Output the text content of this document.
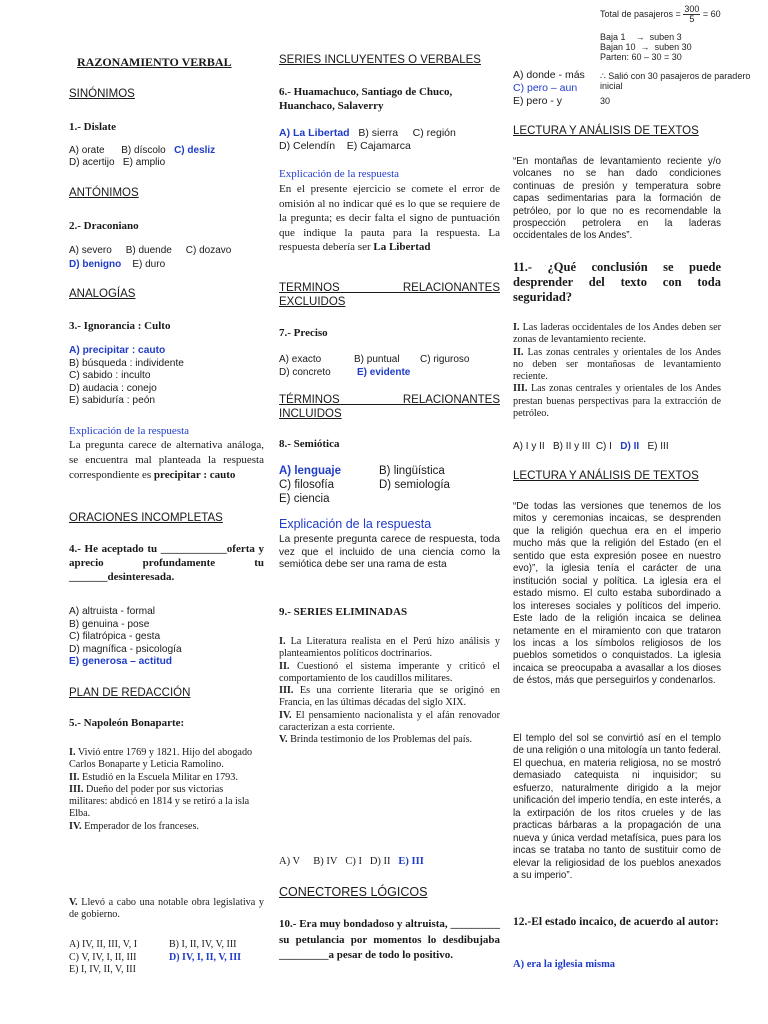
Total de pasajeros = $\frac{300}{5} = 60$
Baja 1 → suben 3
Bajan 10 → suben 30
Parten: 60 – 30 = 30
∴ Salió con 30 pasajeros de paradero
inicial
30
RAZONAMIENTO VERBAL
SINÓNIMOS
1.- Dislate
A) orate B) díscolo C) desliz
D) acertijo E) amplio
ANTÓNIMOS
2.- Draconiano
A) severo B) duende C) dozavo
D) benigno E) duro
ANALOGÍAS
3.- Ignorancia : Culto
A) precipitar : cauto
B) búsqueda : individente
C) sabido : inculto
D) audacia : conejo
E) sabiduría : peón
Explicación de la respuesta
La pregunta carece de alternativa análoga, se encuentra mal planteada la respuesta correspondiente es precipitar : cauto
ORACIONES INCOMPLETAS
4.- He aceptado tu ____________oferta y aprecio profundamente tu _______desinteresada.
A) altruista - formal
B) genuina - pose
C) filatrópica - gesta
D) magnífica - psicología
E) generosa – actitud
PLAN DE REDACCIÓN
5.- Napoleón Bonaparte:
I. Vivió entre 1769 y 1821. Hijo del abogado Carlos Bonaparte y Leticia Ramolino.
II. Estudió en la Escuela Militar en 1793.
III. Dueño del poder por sus victorias militares: abdicó en 1814 y se retiró a la isla Elba.
IV. Emperador de los franceses.
V. Llevó a cabo una notable obra legislativa y de gobierno.
A) IV, II, III, V, I	B) I, II, IV, V, III
C) V, IV, I, II, III	D) IV, I, II, V, III
E) I, IV, II, V, III
SERIES INCLUYENTES O VERBALES
6.- Huamachuco, Santiago de Chuco, Huanchaco, Salaverry
A) La Libertad B) sierra C) región
D) Celendín E) Cajamarca
Explicación de la respuesta
En el presente ejercicio se comete el error de omisión al no indicar qué es lo que se requiere de la pregunta; es decir falta el signo de puntuación que indique la pauta para la respuesta. La respuesta debería ser La Libertad
TERMINOS RELACIONANTES EXCLUIDOS
7.- Preciso
A) exacto	B) puntual C) riguroso
D) concreto	E) evidente
TÉRMINOS RELACIONANTES INCLUIDOS
8.- Semiótica
A) lenguaje	B) lingüística
C) filosofía	D) semiología
E) ciencia
Explicación de la respuesta
La presente pregunta carece de respuesta, toda vez que el incluido de una ciencia como la semiótica debe ser una rama de esta
9.- SERIES ELIMINADAS
I. La Literatura realista en el Perú hizo análisis y planteamientos políticos doctrinarios.
II. Cuestionó el sistema imperante y criticó el comportamiento de los caudillos militares.
III. Es una corriente literaria que se originó en Francia, en las últimas décadas del siglo XIX.
IV. El pensamiento nacionalista y el afán renovador caracterizan a esta corriente.
V. Brinda testimonio de los Problemas del país.
A) V B) IV C) I D) II E) III
CONECTORES LÓGICOS
10.- Era muy bondadoso y altruista, _________ su petulancia por momentos lo desdibujaba _________a pesar de todo lo positivo.
A) donde - más
C) pero – aun
E) pero - y
LECTURA Y ANÁLISIS DE TEXTOS
“En montañas de levantamiento reciente y/o volcanes no se han dado condiciones continuas de presión y temperatura sobre capas sedimentarias para la formación de petróleo, por lo que no es recomendable la prospección petrolera en la laderas occidentales de los Andes”.
11.- ¿Qué conclusión se puede desprender del texto con toda seguridad?
I. Las laderas occidentales de los Andes deben ser zonas de levantamiento reciente.
II. Las zonas centrales y orientales de los Andes no deben ser montañosas de levantamiento reciente.
III. Las zonas centrales y orientales de los Andes prestan buenas perspectivas para la extracción de petróleo.
A) I y II B) II y III C) I D) II E) III
LECTURA Y ANÁLISIS DE TEXTOS
“De todas las versiones que tenemos de los mitos y ceremonias incaicas, se desprenden que la religión quechua era en el imperio mucho más que la religión del Estado (en el sentido que esta expresión posee en nuestro evo)”, la iglesia tenía el carácter de una institución social y política. La iglesia era el estado mismo. El culto estaba subordinado a los intereses sociales y políticos del imperio. Este lado de la religión incaica se delinea netamente en el miramiento con que trataron los incas a los símbolos religiosos de los pueblos sometidos o conquistados. La iglesia incaica se preocupaba a avasallar a los dioses de éstos, más que perseguirlos y condenarlos.
El templo del sol se convirtió así en el templo de una religión o una mitología un tanto federal. El quechua, en materia religiosa, no se mostró demasiado catequista ni inquisidor; su esfuerzo, naturalmente dirigido a la mejor unificación del imperio tendía, en este interés, a la extirpación de los ritos crueles y de las practicas bárbaras a la propagación de una nueva y única verdad metafísica, pues para los incas se trataba no tanto de sustituir como de elevar la religiosidad de los pueblos anexados a su imperio”.
12.-El estado incaico, de acuerdo al autor:
A) era la iglesia misma
